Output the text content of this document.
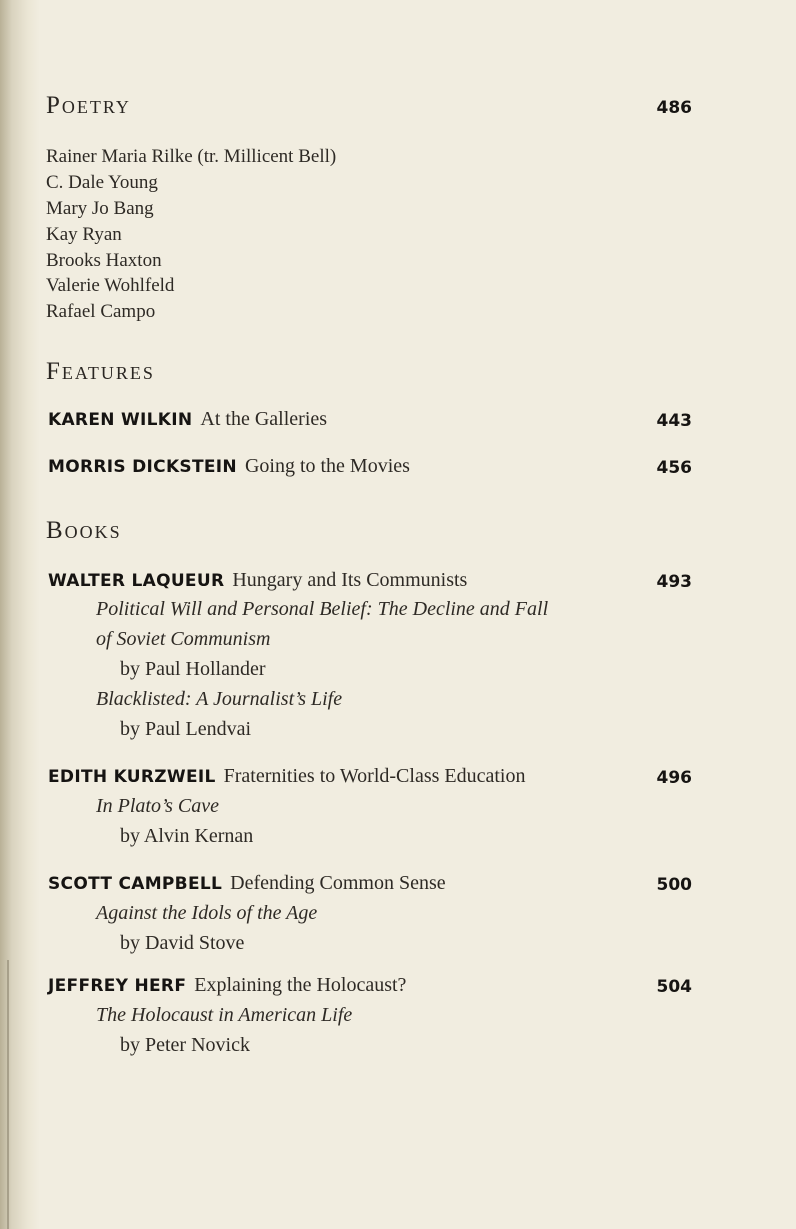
Poetry	486
Rainer Maria Rilke (tr. Millicent Bell)
C. Dale Young
Mary Jo Bang
Kay Ryan
Brooks Haxton
Valerie Wohlfeld
Rafael Campo
Features
KAREN WILKIN At the Galleries	443
MORRIS DICKSTEIN Going to the Movies	456
Books
WALTER LAQUEUR Hungary and Its Communists	493
Political Will and Personal Belief: The Decline and Fall
of Soviet Communism
by Paul Hollander
Blacklisted: A Journalist’s Life
by Paul Lendvai
EDITH KURZWEIL Fraternities to World-Class Education	496
In Plato’s Cave
by Alvin Kernan
SCOTT CAMPBELL Defending Common Sense	500
Against the Idols of the Age
by David Stove
JEFFREY HERF Explaining the Holocaust?	504
The Holocaust in American Life
by Peter Novick
